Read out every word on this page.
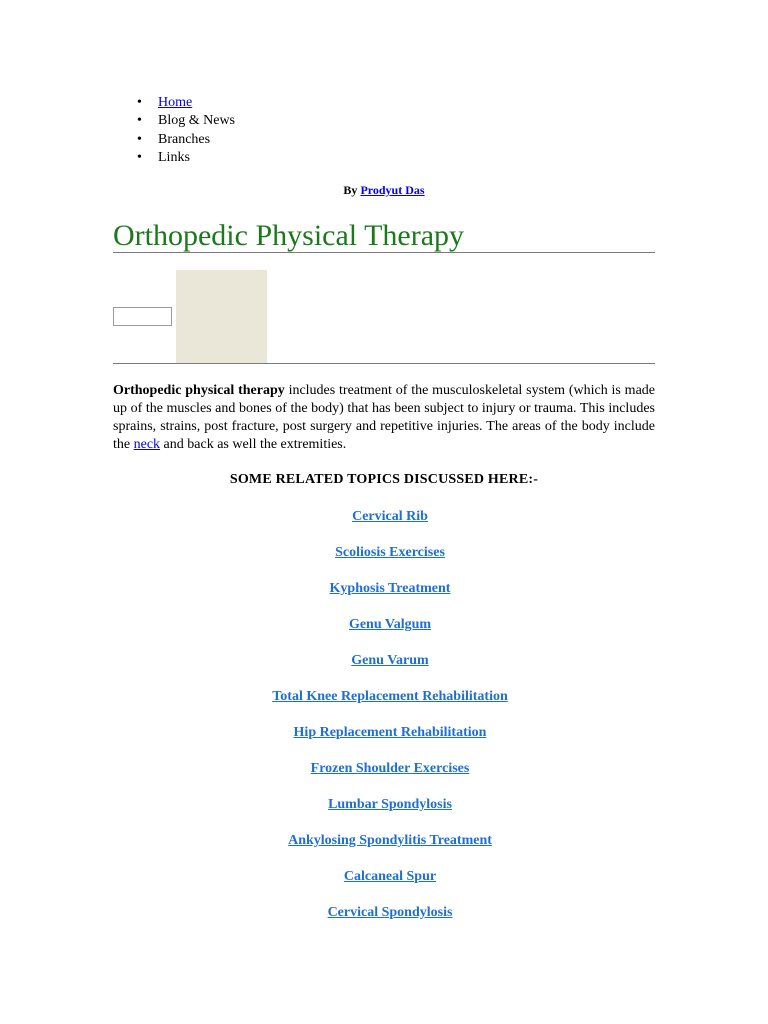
• Home
• Blog & News
• Branches
• Links
By Prodyut Das
Orthopedic Physical Therapy

Orthopedic physical therapy includes treatment of the musculoskeletal system (which is made up of the muscles and bones of the body) that has been subject to injury or trauma. This includes sprains, strains, post fracture, post surgery and repetitive injuries. The areas of the body include the neck and back as well the extremities.

SOME RELATED TOPICS DISCUSSED HERE:-
Cervical Rib
Scoliosis Exercises
Kyphosis Treatment
Genu Valgum
Genu Varum
Total Knee Replacement Rehabilitation
Hip Replacement Rehabilitation
Frozen Shoulder Exercises
Lumbar Spondylosis
Ankylosing Spondylitis Treatment
Calcaneal Spur
Cervical Spondylosis
